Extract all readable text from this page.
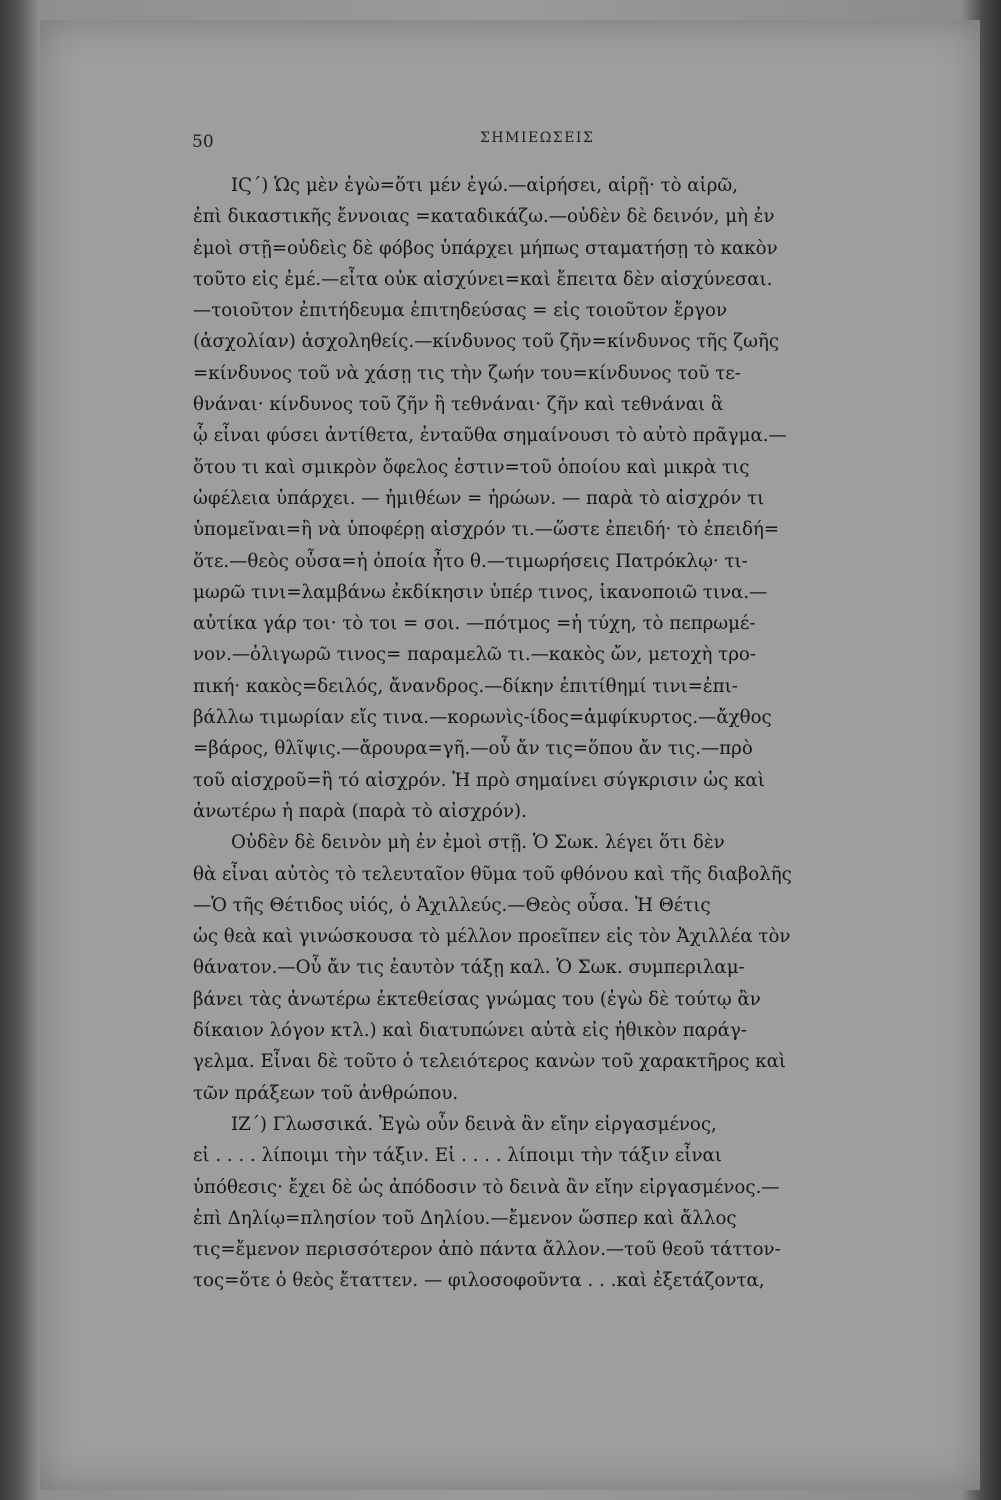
50	ΣΗΜΙΕΩΣΕΙΣ
ΙϚ΄) Ὡς μὲν ἐγὼ=ὅτι μέν ἐγώ.—αἱρήσει, αἱρῇ· τὸ αἱρῶ,
ἐπὶ δικαστικῆς ἔννοιας =καταδικάζω.—οὐδὲν δὲ δεινόν, μὴ ἐν
ἐμοὶ στῇ=οὐδεὶς δὲ φόβος ὑπάρχει μήπως σταματήσῃ τὸ κακὸν
τοῦτο εἰς ἐμέ.—εἶτα οὐκ αἰσχύνει=καὶ ἔπειτα δὲν αἰσχύνεσαι.
—τοιοῦτον ἐπιτήδευμα ἐπιτηδεύσας = εἰς τοιοῦτον ἔργον
(ἀσχολίαν) ἀσχοληθείς.—κίνδυνος τοῦ ζῆν=κίνδυνος τῆς ζωῆς
=κίνδυνος τοῦ νὰ χάσῃ τις τὴν ζωήν του=κίνδυνος τοῦ τε-
θνάναι· κίνδυνος τοῦ ζῆν ἢ τεθνάναι· ζῆν καὶ τεθνάναι ἃ
ᾧ εἶναι φύσει ἀντίθετα, ἐνταῦθα σημαίνουσι τὸ αὐτὸ πρᾶγμα.—
ὅτου τι καὶ σμικρὸν ὄφελος ἐστιν=τοῦ ὁποίου καὶ μικρὰ τις
ὠφέλεια ὑπάρχει. — ἡμιθέων = ἡρώων. — παρὰ τὸ αἰσχρόν τι
ὑπομεῖναι=ἢ νὰ ὑποφέρῃ αἰσχρόν τι.—ὥστε ἐπειδή· τὸ ἐπειδή=
ὅτε.—θεὸς οὖσα=ἡ ὁποία ἦτο θ.—τιμωρήσεις Πατρόκλῳ· τι-
μωρῶ τινι=λαμβάνω ἐκδίκησιν ὑπέρ τινος, ἱκανοποιῶ τινα.—
αὐτίκα γάρ τοι· τὸ τοι = σοι. —πότμος =ἡ τύχη, τὸ πεπρωμέ-
νον.—ὀλιγωρῶ τινος= παραμελῶ τι.—κακὸς ὤν, μετοχὴ τρο-
πική· κακὸς=δειλός, ἄνανδρος.—δίκην ἐπιτίθημί τινι=ἐπι-
βάλλω τιμωρίαν εἴς τινα.—κορωνὶς-ίδος=ἀμφίκυρτος.—ἄχθος
=βάρος, θλῖψις.—ἄρουρα=γῆ.—οὗ ἄν τις=ὅπου ἄν τις.—πρὸ
τοῦ αἰσχροῦ=ἢ τό αἰσχρόν. Ἡ πρὸ σημαίνει σύγκρισιν ὡς καὶ
ἀνωτέρω ἡ παρὰ (παρὰ τὸ αἰσχρόν).
Οὐδὲν δὲ δεινὸν μὴ ἐν ἐμοὶ στῇ. Ὁ Σωκ. λέγει ὅτι δὲν
θὰ εἶναι αὐτὸς τὸ τελευταῖον θῦμα τοῦ φθόνου καὶ τῆς διαβολῆς
—Ὁ τῆς Θέτιδος υἱός, ὁ Ἀχιλλεύς.—Θεὸς οὖσα. Ἡ Θέτις
ὡς θεὰ καὶ γινώσκουσα τὸ μέλλον προεῖπεν εἰς τὸν Ἀχιλλέα τὸν
θάνατον.—Οὗ ἄν τις ἑαυτὸν τάξῃ καλ. Ὁ Σωκ. συμπεριλαμ-
βάνει τὰς ἀνωτέρω ἐκτεθείσας γνώμας του (ἐγὼ δὲ τούτῳ ἂν
δίκαιον λόγον κτλ.) καὶ διατυπώνει αὐτὰ εἰς ἠθικὸν παράγ-
γελμα. Εἶναι δὲ τοῦτο ὁ τελειότερος κανὼν τοῦ χαρακτῆρος καὶ
τῶν πράξεων τοῦ ἀνθρώπου.
ΙΖ΄) Γλωσσικά. Ἐγὼ οὖν δεινὰ ἂν εἴην εἰργασμένος,
εἰ . . . . λίποιμι τὴν τάξιν. Εἰ . . . . λίποιμι τὴν τάξιν εἶναι
ὑπόθεσις· ἔχει δὲ ὡς ἀπόδοσιν τὸ δεινὰ ἂν εἴην εἰργασμένος.—
ἐπὶ Δηλίῳ=πλησίον τοῦ Δηλίου.—ἔμενον ὥσπερ καὶ ἄλλος
τις=ἔμενον περισσότερον ἀπὸ πάντα ἄλλον.—τοῦ θεοῦ τάττον-
τος=ὅτε ὁ θεὸς ἔταττεν. — φιλοσοφοῦντα . . .καὶ ἐξετάζοντα,
